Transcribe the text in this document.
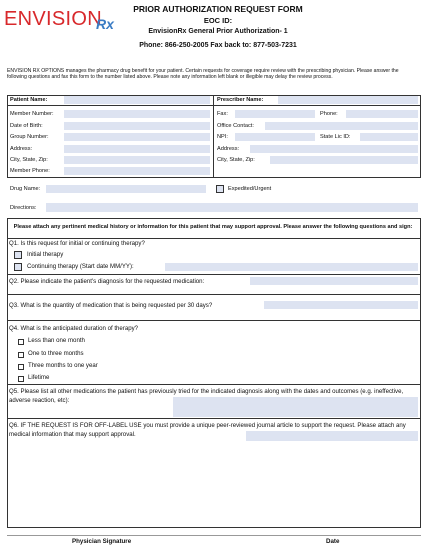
ENVISION
Rx
PRIOR AUTHORIZATION REQUEST FORM
EOC ID:
EnvisionRx General Prior Authorization- 1
Phone: 866-250-2005 Fax back to: 877-503-7231
ENVISION RX OPTIONS manages the pharmacy drug benefit for your patient. Certain requests for coverage require review with the prescribing physician. Please answer the following questions and fax this form to the number listed above. Please note any information left blank or illegible may delay the review process.
Patient Name:
Member Number:
Date of Birth:
Group Number:
Address:
City, State, Zip:
Member Phone:
Prescriber Name:
Fax:	Phone:
Office Contact:
NPI:	State Lic ID:
Address:
City, State, Zip:
Drug Name:	Expedited/Urgent
Directions:
Please attach any pertinent medical history or information for this patient that may support approval. Please answer the following questions and sign:
Q1. Is this request for initial or continuing therapy?
Initial therapy
Continuing therapy (Start date MM/YY):
Q2. Please indicate the patient's diagnosis for the requested medication:
Q3. What is the quantity of medication that is being requested per 30 days?
Q4. What is the anticipated duration of therapy?
Less than one month
One to three months
Three months to one year
Lifetime
Q5. Please list all other medications the patient has previously tried for the indicated diagnosis along with the dates and outcomes (e.g. ineffective, adverse reaction, etc):
Q6. IF THE REQUEST IS FOR OFF-LABEL USE you must provide a unique peer-reviewed journal article to support the request. Please attach any medical information that may support approval.
Physician Signature	Date
